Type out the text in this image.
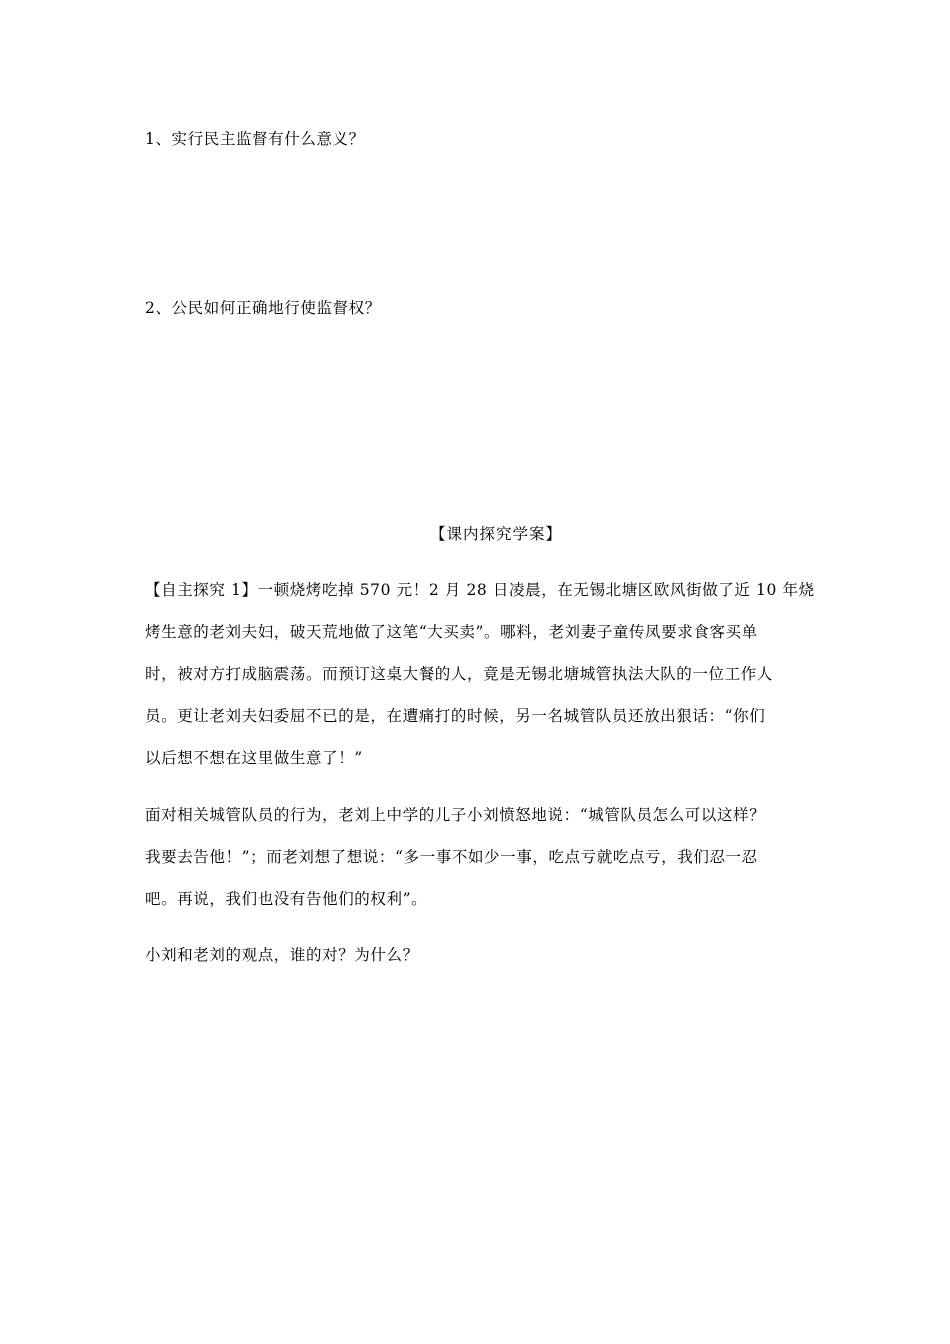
1、实行民主监督有什么意义？
2、公民如何正确地行使监督权？
【课内探究学案】
【自主探究 1】一顿烧烤吃掉 570 元！2 月 28 日凌晨，在无锡北塘区欧风街做了近 10 年烧
烤生意的老刘夫妇，破天荒地做了这笔“大买卖”。哪料，老刘妻子童传凤要求食客买单
时，被对方打成脑震荡。而预订这桌大餐的人，竟是无锡北塘城管执法大队的一位工作人
员。更让老刘夫妇委屈不已的是，在遭痛打的时候，另一名城管队员还放出狠话：“你们
以后想不想在这里做生意了！”
面对相关城管队员的行为，老刘上中学的儿子小刘愤怒地说：“城管队员怎么可以这样？
我要去告他！”；而老刘想了想说：“多一事不如少一事，吃点亏就吃点亏，我们忍一忍
吧。再说，我们也没有告他们的权利”。
小刘和老刘的观点，谁的对？为什么？
